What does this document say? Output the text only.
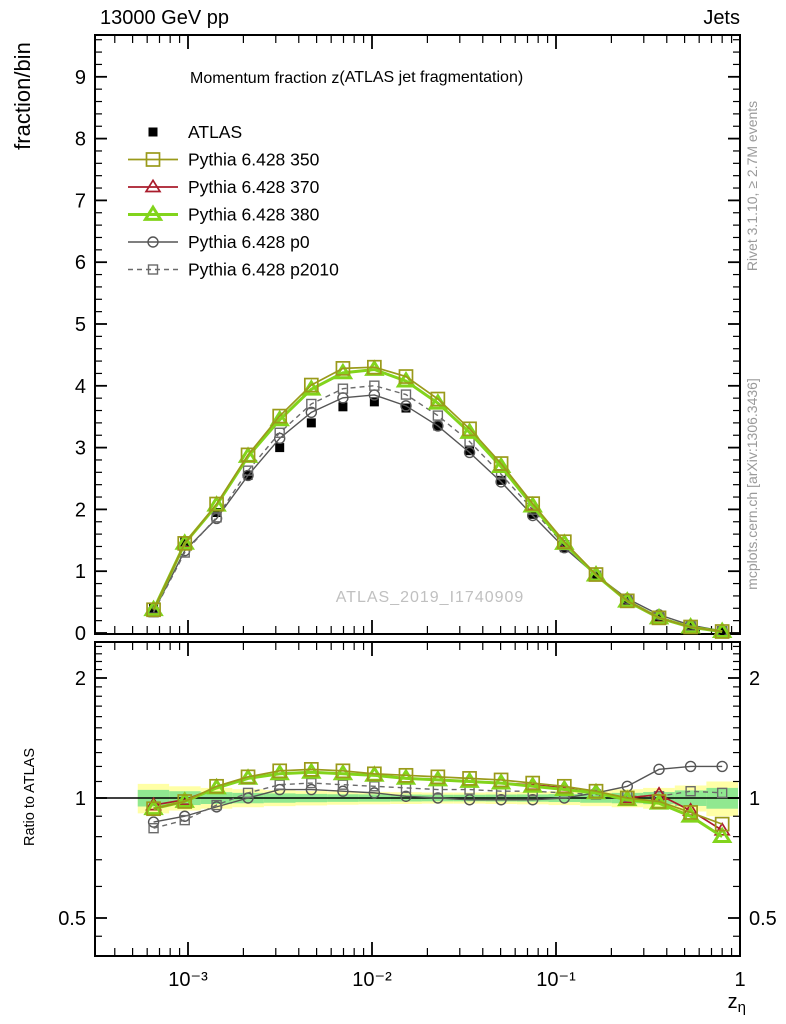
13000 GeV pp	Jets
0
1
2
3
4
5
6
7
8
9
0.5	0.5
1	1
2	2
10⁻³	10⁻²	10⁻¹	1
ATLAS
Pythia 6.428 350
Pythia 6.428 370
Pythia 6.428 380
Pythia 6.428 p0
Pythia 6.428 p2010
Momentum fraction z(ATLAS jet fragmentation)
ATLAS_2019_I1740909
fraction/bin
Ratio to ATLAS
Rivet 3.1.10, ≥ 2.7M events
mcplots.cern.ch [arXiv:1306.3436]
$z_\eta$
